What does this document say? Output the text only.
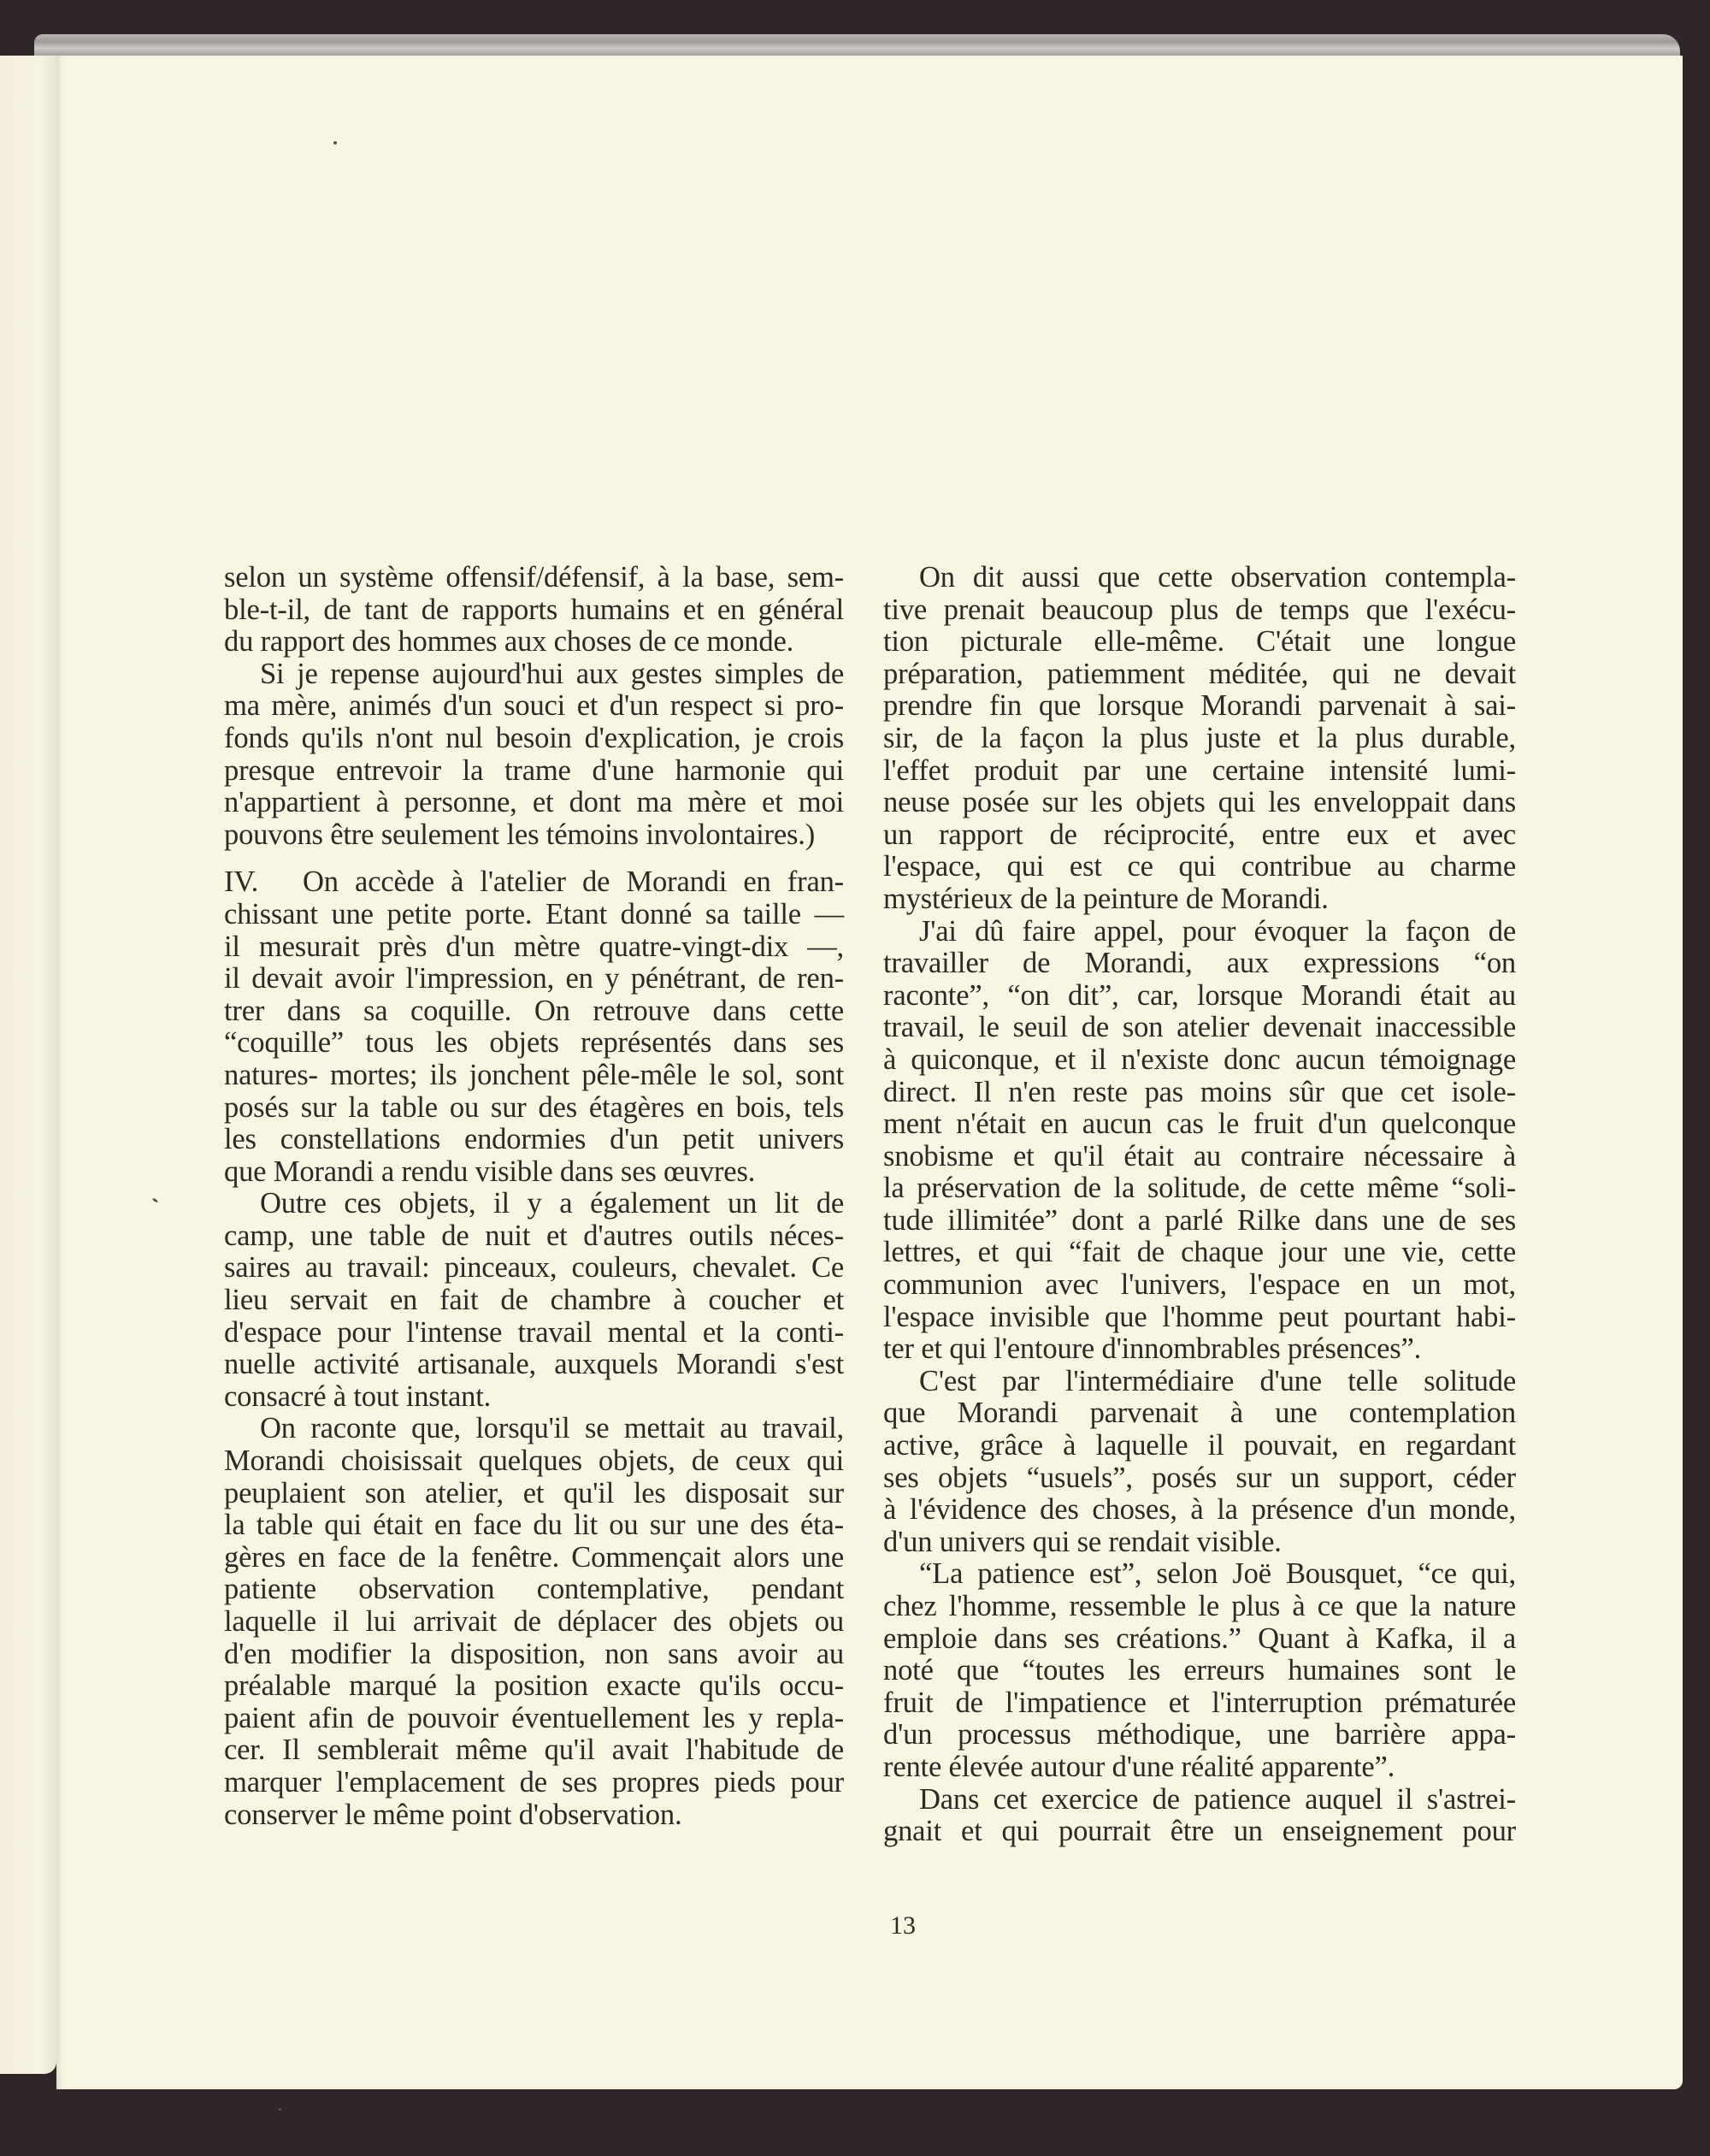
selon un système offensif/défensif, à la base, sem-
ble-t-il, de tant de rapports humains et en général
du rapport des hommes aux choses de ce monde.

Si je repense aujourd'hui aux gestes simples de
ma mère, animés d'un souci et d'un respect si pro-
fonds qu'ils n'ont nul besoin d'explication, je crois
presque entrevoir la trame d'une harmonie qui
n'appartient à personne, et dont ma mère et moi
pouvons être seulement les témoins involontaires.)

IV. On accède à l'atelier de Morandi en fran-
chissant une petite porte. Etant donné sa taille —
il mesurait près d'un mètre quatre-vingt-dix —,
il devait avoir l'impression, en y pénétrant, de ren-
trer dans sa coquille. On retrouve dans cette
“coquille” tous les objets représentés dans ses
natures- mortes; ils jonchent pêle-mêle le sol, sont
posés sur la table ou sur des étagères en bois, tels
les constellations endormies d'un petit univers
que Morandi a rendu visible dans ses œuvres.

Outre ces objets, il y a également un lit de
camp, une table de nuit et d'autres outils néces-
saires au travail: pinceaux, couleurs, chevalet. Ce
lieu servait en fait de chambre à coucher et
d'espace pour l'intense travail mental et la conti-
nuelle activité artisanale, auxquels Morandi s'est
consacré à tout instant.

On raconte que, lorsqu'il se mettait au travail,
Morandi choisissait quelques objets, de ceux qui
peuplaient son atelier, et qu'il les disposait sur
la table qui était en face du lit ou sur une des éta-
gères en face de la fenêtre. Commençait alors une
patiente observation contemplative, pendant
laquelle il lui arrivait de déplacer des objets ou
d'en modifier la disposition, non sans avoir au
préalable marqué la position exacte qu'ils occu-
paient afin de pouvoir éventuellement les y repla-
cer. Il semblerait même qu'il avait l'habitude de
marquer l'emplacement de ses propres pieds pour
conserver le même point d'observation.

On dit aussi que cette observation contempla-
tive prenait beaucoup plus de temps que l'exécu-
tion picturale elle-même. C'était une longue
préparation, patiemment méditée, qui ne devait
prendre fin que lorsque Morandi parvenait à sai-
sir, de la façon la plus juste et la plus durable,
l'effet produit par une certaine intensité lumi-
neuse posée sur les objets qui les enveloppait dans
un rapport de réciprocité, entre eux et avec
l'espace, qui est ce qui contribue au charme
mystérieux de la peinture de Morandi.

J'ai dû faire appel, pour évoquer la façon de
travailler de Morandi, aux expressions “on
raconte”, “on dit”, car, lorsque Morandi était au
travail, le seuil de son atelier devenait inaccessible
à quiconque, et il n'existe donc aucun témoignage
direct. Il n'en reste pas moins sûr que cet isole-
ment n'était en aucun cas le fruit d'un quelconque
snobisme et qu'il était au contraire nécessaire à
la préservation de la solitude, de cette même “soli-
tude illimitée” dont a parlé Rilke dans une de ses
lettres, et qui “fait de chaque jour une vie, cette
communion avec l'univers, l'espace en un mot,
l'espace invisible que l'homme peut pourtant habi-
ter et qui l'entoure d'innombrables présences”.

C'est par l'intermédiaire d'une telle solitude
que Morandi parvenait à une contemplation
active, grâce à laquelle il pouvait, en regardant
ses objets “usuels”, posés sur un support, céder
à l'évidence des choses, à la présence d'un monde,
d'un univers qui se rendait visible.

“La patience est”, selon Joë Bousquet, “ce qui,
chez l'homme, ressemble le plus à ce que la nature
emploie dans ses créations.” Quant à Kafka, il a
noté que “toutes les erreurs humaines sont le
fruit de l'impatience et l'interruption prématurée
d'un processus méthodique, une barrière appa-
rente élevée autour d'une réalité apparente”.

Dans cet exercice de patience auquel il s'astrei-
gnait et qui pourrait être un enseignement pour

13
